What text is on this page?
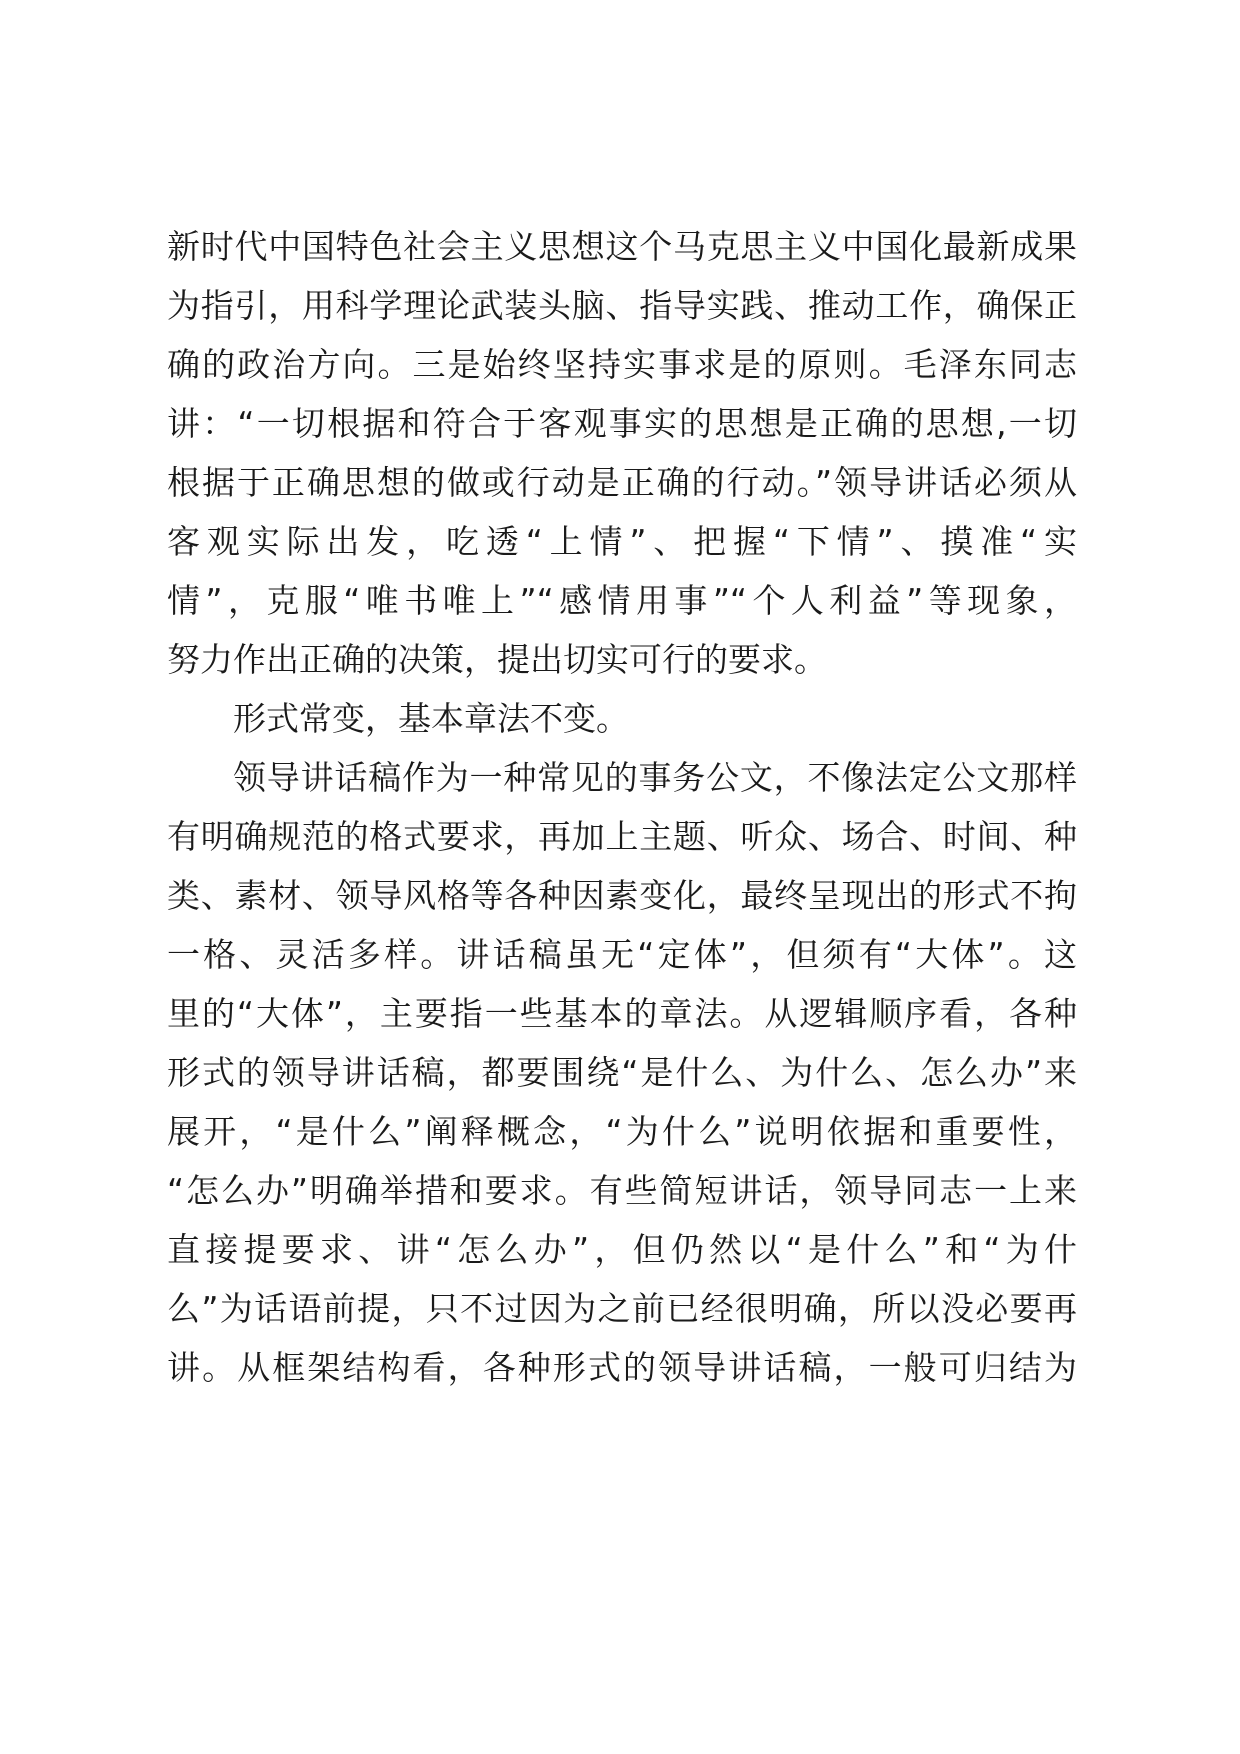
新时代中国特色社会主义思想这个马克思主义中国化最新成果
为指引，用科学理论武装头脑、指导实践、推动工作，确保正
确的政治方向。三是始终坚持实事求是的原则。毛泽东同志
讲：“一切根据和符合于客观事实的思想是正确的思想,一切
根据于正确思想的做或行动是正确的行动。”领导讲话必须从
客观实际出发，吃透“上情”、把握“下情”、摸准“实
情”，克服“唯书唯上”“感情用事”“个人利益”等现象，
努力作出正确的决策，提出切实可行的要求。
形式常变，基本章法不变。
领导讲话稿作为一种常见的事务公文，不像法定公文那样
有明确规范的格式要求，再加上主题、听众、场合、时间、种
类、素材、领导风格等各种因素变化，最终呈现出的形式不拘
一格、灵活多样。讲话稿虽无“定体”，但须有“大体”。这
里的“大体”，主要指一些基本的章法。从逻辑顺序看，各种
形式的领导讲话稿，都要围绕“是什么、为什么、怎么办”来
展开，“是什么”阐释概念，“为什么”说明依据和重要性，
“怎么办”明确举措和要求。有些简短讲话，领导同志一上来
直接提要求、讲“怎么办”，但仍然以“是什么”和“为什
么”为话语前提，只不过因为之前已经很明确，所以没必要再
讲。从框架结构看，各种形式的领导讲话稿，一般可归结为
